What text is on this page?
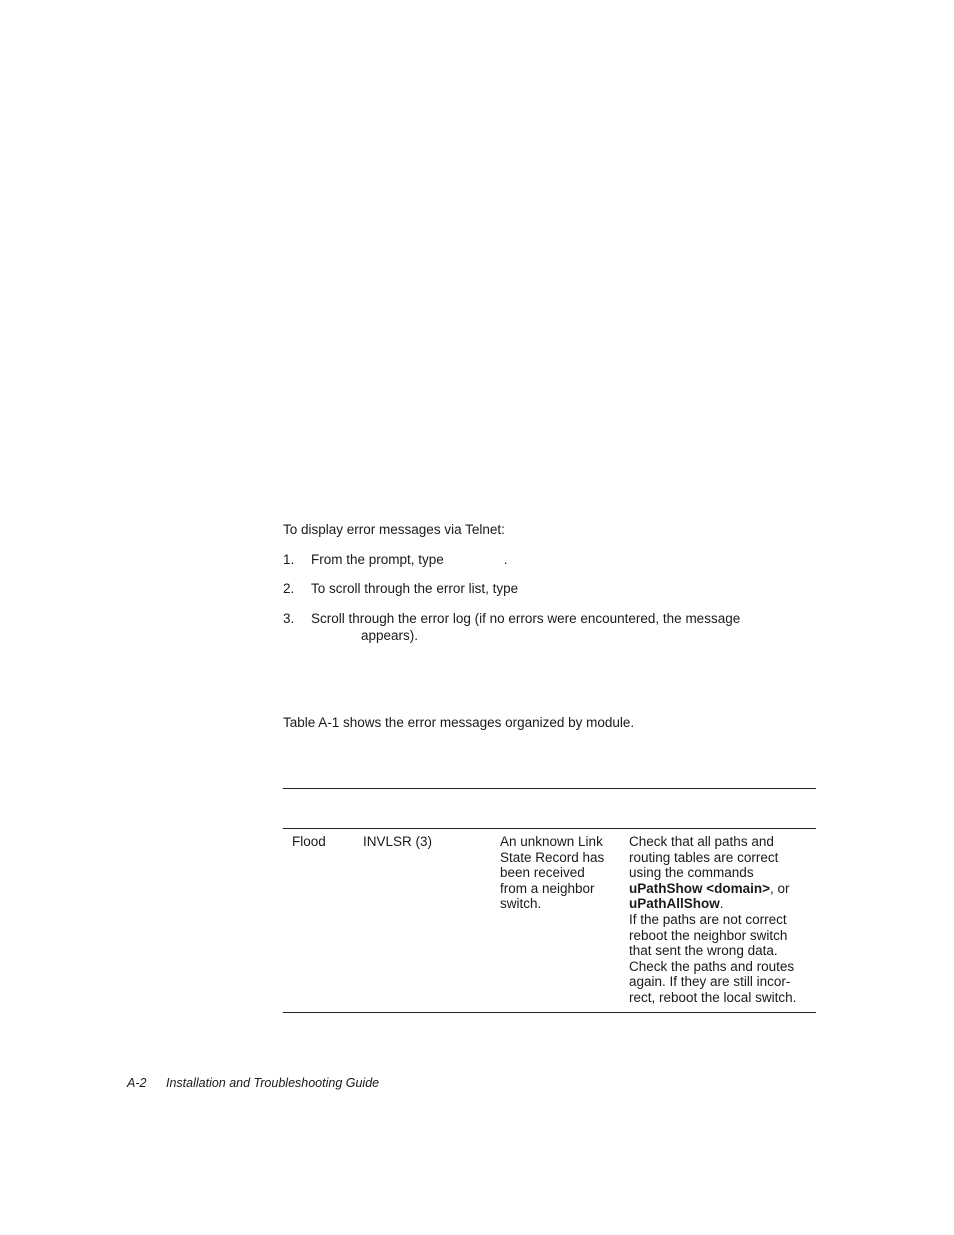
To display error messages via Telnet:
1. From the prompt, type                .
2. To scroll through the error list, type
3. Scroll through the error log (if no errors were encountered, the message
appears).
Table A-1 shows the error messages organized by module.
Flood	INVLSR (3)	An unknown Link
State Record has
been received
from a neighbor
switch.
Check that all paths and
routing tables are correct
using the commands
uPathShow <domain>, or
uPathAllShow.
If the paths are not correct
reboot the neighbor switch
that sent the wrong data.
Check the paths and routes
again. If they are still incor-
rect, reboot the local switch.
A-2 Installation and Troubleshooting Guide
